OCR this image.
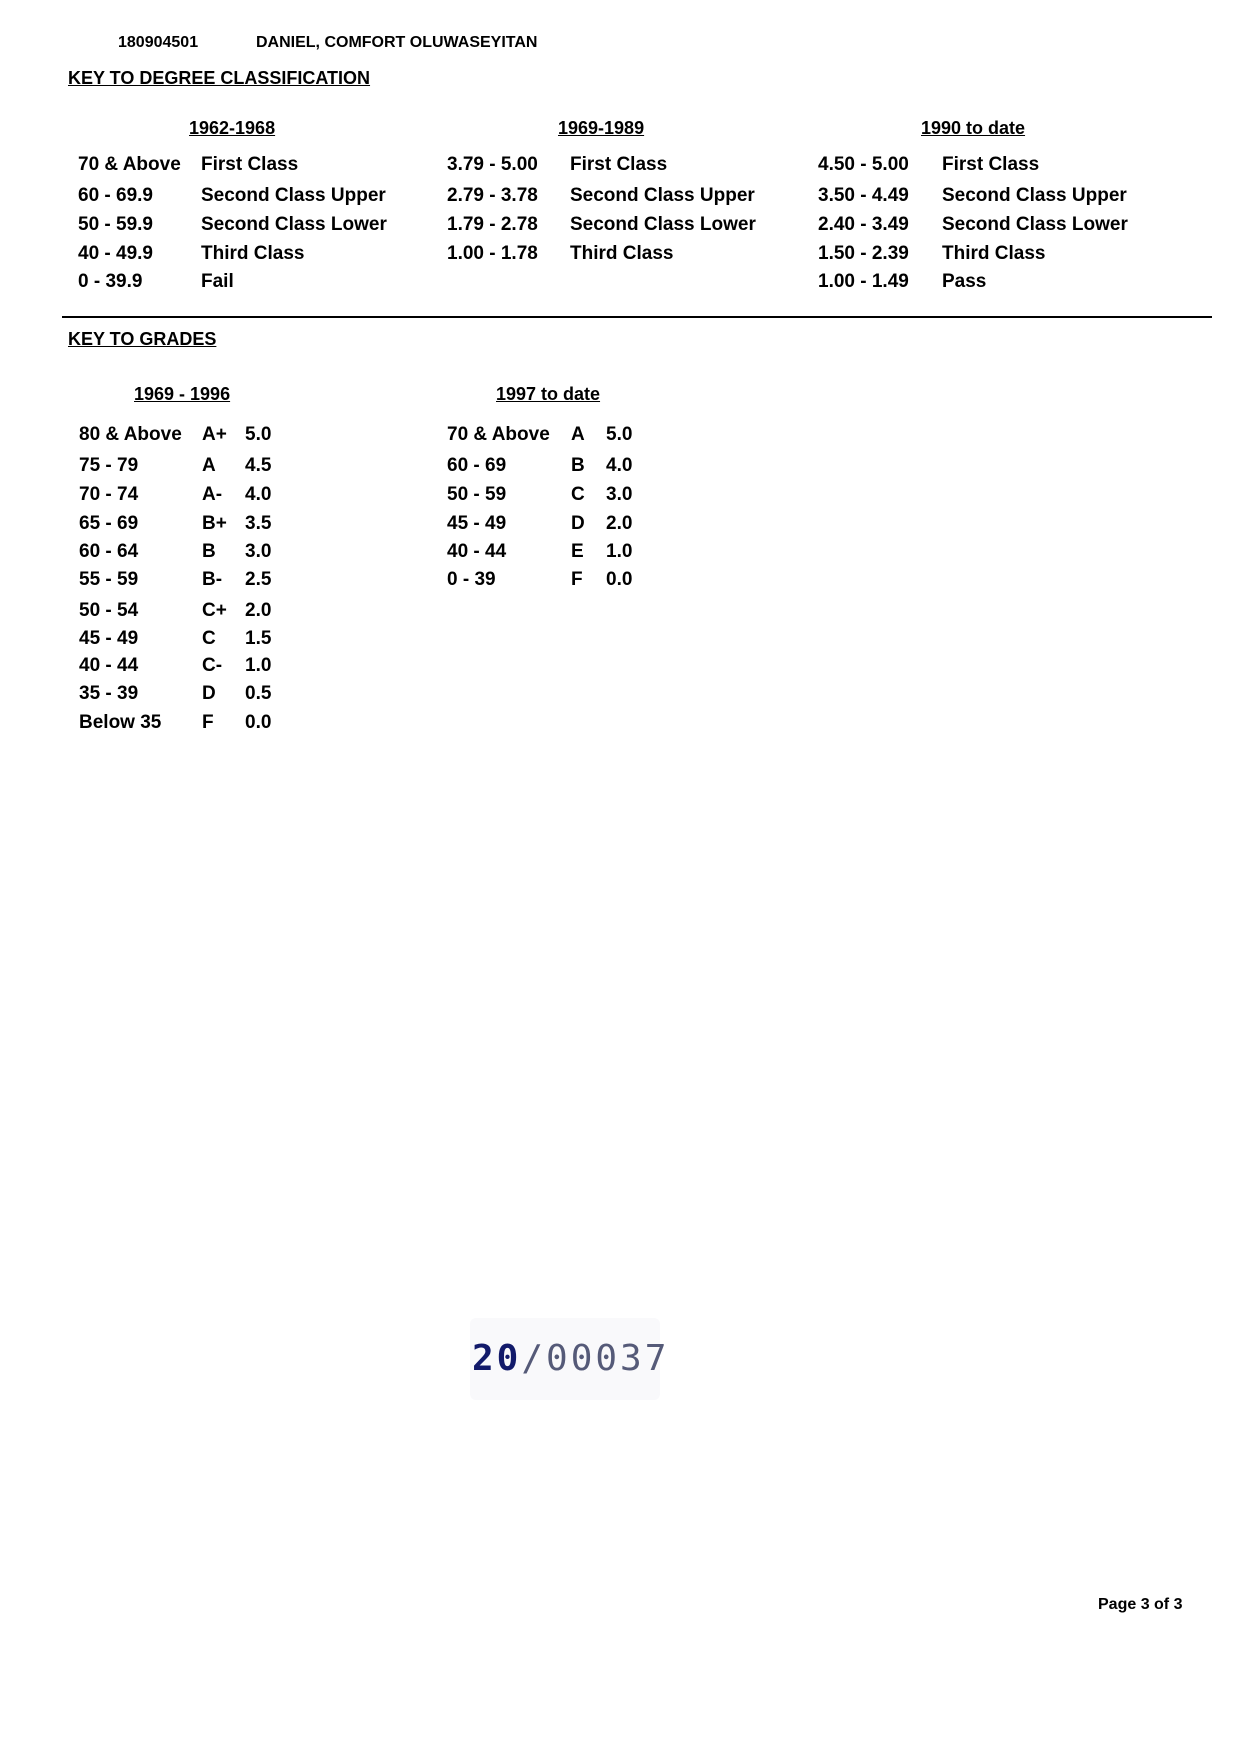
180904501	DANIEL, COMFORT OLUWASEYITAN
KEY TO DEGREE CLASSIFICATION
1962-1968	1969-1989	1990 to date
70 & Above First Class
60 - 69.9	Second Class Upper
50 - 59.9	Second Class Lower
40 - 49.9	Third Class
0 - 39.9	Fail
3.79 - 5.00 First Class
2.79 - 3.78 Second Class Upper
1.79 - 2.78 Second Class Lower
1.00 - 1.78 Third Class
4.50 - 5.00 First Class
3.50 - 4.49 Second Class Upper
2.40 - 3.49 Second Class Lower
1.50 - 2.39 Third Class
1.00 - 1.49 Pass
KEY TO GRADES
1969 - 1996	1997 to date
80 & Above A+ 5.0
75 - 79	A 4.5
70 - 74	A- 4.0
65 - 69	B+ 3.5
60 - 64	B 3.0
55 - 59	B- 2.5
50 - 54	C+ 2.0
45 - 49	C 1.5
40 - 44	C- 1.0
35 - 39	D 0.5
Below 35 F 0.0
70 & Above A 5.0
60 - 69	B 4.0
50 - 59	C 3.0
45 - 49	D 2.0
40 - 44	E 1.0
0 - 39	F 0.0
20/00037
Page 3 of 3
